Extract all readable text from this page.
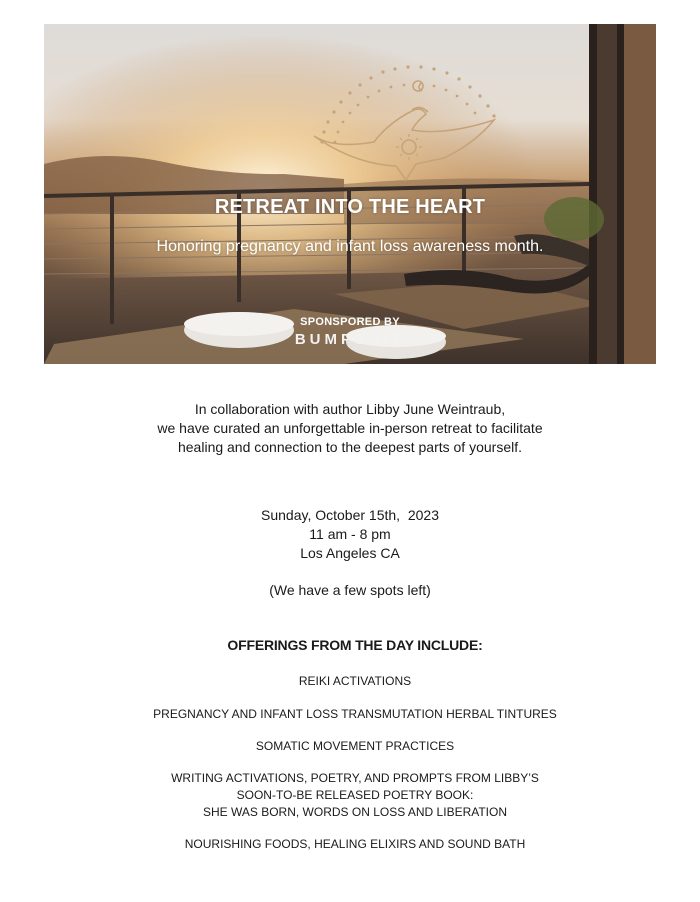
RETREAT INTO THE HEART
Honoring pregnancy and infant loss awareness month.
SPONSPORED BY
BUMPSUIT
In collaboration with author Libby June Weintraub,
we have curated an unforgettable in-person retreat to facilitate
healing and connection to the deepest parts of yourself.
Sunday, October 15th,  2023
11 am - 8 pm
Los Angeles CA
(We have a few spots left)
OFFERINGS FROM THE DAY INCLUDE:
REIKI ACTIVATIONS
PREGNANCY AND INFANT LOSS TRANSMUTATION HERBAL TINTURES
SOMATIC MOVEMENT PRACTICES
WRITING ACTIVATIONS, POETRY, AND PROMPTS FROM LIBBY’S
SOON-TO-BE RELEASED POETRY BOOK:
SHE WAS BORN, WORDS ON LOSS AND LIBERATION
NOURISHING FOODS, HEALING ELIXIRS AND SOUND BATH
